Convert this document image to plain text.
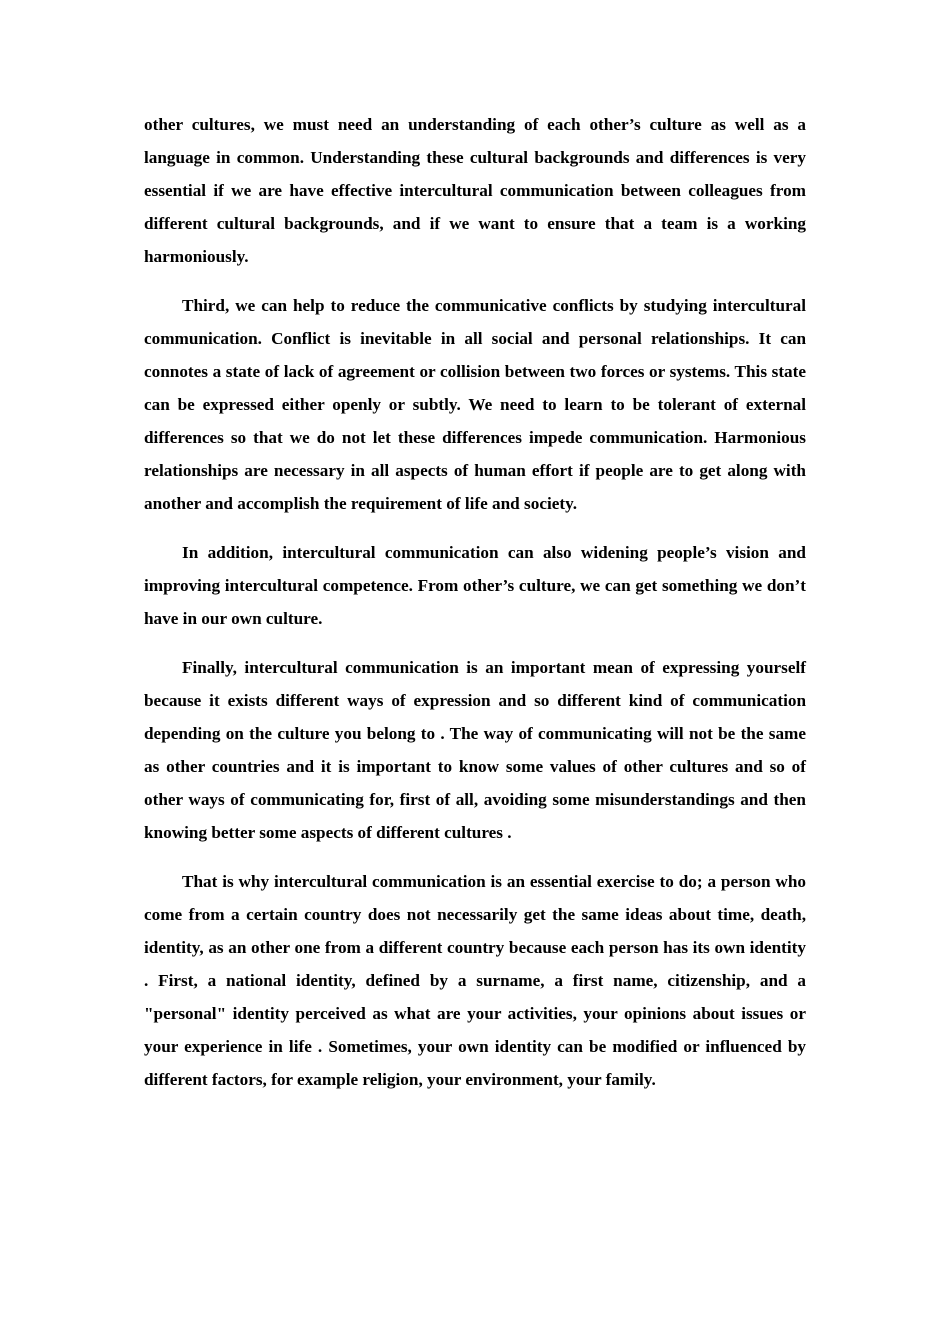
other cultures, we must need an understanding of each other’s culture as well as a language in common. Understanding these cultural backgrounds and differences is very essential if we are have effective intercultural communication between colleagues from different cultural backgrounds, and if we want to ensure that a team is a working harmoniously.

Third, we can help to reduce the communicative conflicts by studying intercultural communication. Conflict is inevitable in all social and personal relationships. It can connotes a state of lack of agreement or collision between two forces or systems. This state can be expressed either openly or subtly. We need to learn to be tolerant of external differences so that we do not let these differences impede communication. Harmonious relationships are necessary in all aspects of human effort if people are to get along with another and accomplish the requirement of life and society.

In addition, intercultural communication can also widening people’s vision and improving intercultural competence. From other’s culture, we can get something we don’t have in our own culture.

Finally, intercultural communication is an important mean of expressing yourself because it exists different ways of expression and so different kind of communication depending on the culture you belong to . The way of communicating will not be the same as other countries and it is important to know some values of other cultures and so of other ways of communicating for, first of all, avoiding some misunderstandings and then knowing better some aspects of different cultures .

That is why intercultural communication is an essential exercise to do; a person who come from a certain country does not necessarily get the same ideas about time, death, identity, as an other one from a different country because each person has its own identity . First, a national identity, defined by a surname, a first name, citizenship, and a "personal" identity perceived as what are your activities, your opinions about issues or your experience in life . Sometimes, your own identity can be modified or influenced by different factors, for example religion, your environment, your family.
